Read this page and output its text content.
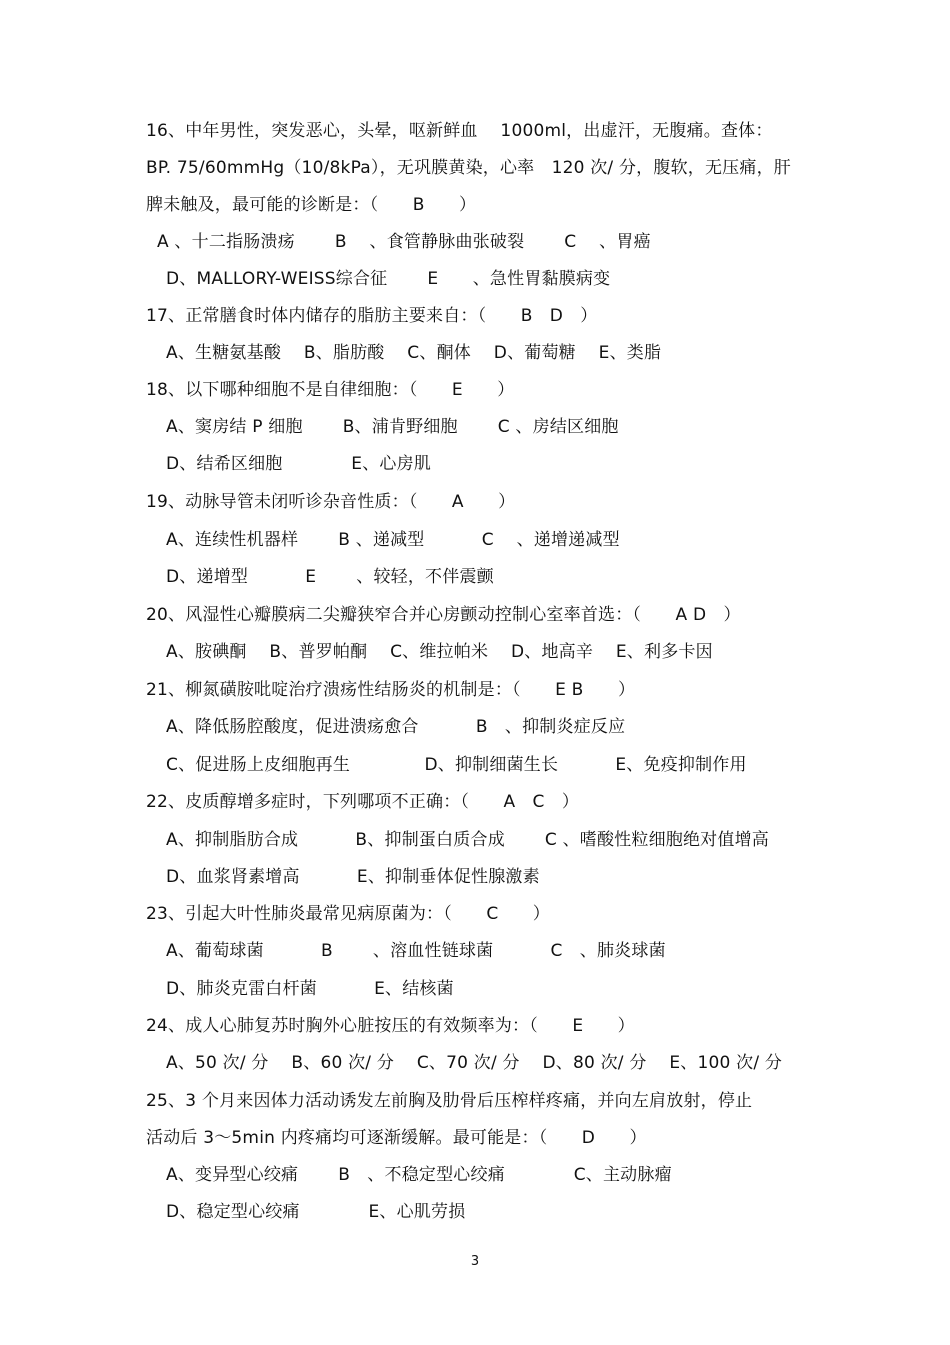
16、中年男性，突发恶心，头晕，呕新鲜血　 1000ml，出虚汗，无腹痛。查体：
BP. 75/60mmHg（10/8kPa），无巩膜黄染，心率　120 次/ 分，腹软，无压痛，肝
脾未触及，最可能的诊断是：（　　B　　）
A 、十二指肠溃疡　　 B　 、食管静脉曲张破裂　　 C　 、胃癌
D、MALLORY-WEISS综合征　　 E　　、急性胃黏膜病变
17、正常膳食时体内储存的脂肪主要来自：（　　B　D　）
A、生糖氨基酸　 B、脂肪酸　 C、酮体　 D、葡萄糖　 E、类脂
18、以下哪种细胞不是自律细胞：（　　E　　）
A、窦房结 P 细胞　　 B、浦肯野细胞　　 C 、房结区细胞
D、结希区细胞　　　　E、心房肌
19、动脉导管未闭听诊杂音性质：（　　A　　）
A、连续性机器样　　 B 、递减型　　　 C　 、递增递减型
D、递增型　　　 E　　 、较轻，不伴震颤
20、风湿性心瓣膜病二尖瓣狭窄合并心房颤动控制心室率首选：（　　A D　）
A、胺碘酮　 B、普罗帕酮　 C、维拉帕米　 D、地高辛　 E、利多卡因
21、柳氮磺胺吡啶治疗溃疡性结肠炎的机制是：（　　E B　　）
A、降低肠腔酸度，促进溃疡愈合　　　 B　、抑制炎症反应
C、促进肠上皮细胞再生　　　　 D、抑制细菌生长　　　 E、免疫抑制作用
22、皮质醇增多症时，下列哪项不正确：（　　A　C　）
A、抑制脂肪合成　　　 B、抑制蛋白质合成　　 C 、嗜酸性粒细胞绝对值增高
D、血浆肾素增高　　　 E、抑制垂体促性腺激素
23、引起大叶性肺炎最常见病原菌为：（　　C　　）
A、葡萄球菌　　　 B　　 、溶血性链球菌　　　 C　、肺炎球菌
D、肺炎克雷白杆菌　　　 E、结核菌
24、成人心肺复苏时胸外心脏按压的有效频率为：（　　E　　）
A、50 次/ 分　 B、60 次/ 分　 C、70 次/ 分　 D、80 次/ 分　 E、100 次/ 分
25、3 个月来因体力活动诱发左前胸及肋骨后压榨样疼痛，并向左肩放射，停止
活动后 3～5min 内疼痛均可逐渐缓解。最可能是：（　　D　　）
A、变异型心绞痛　　 B　、不稳定型心绞痛　　　　C、主动脉瘤
D、稳定型心绞痛　　　　E、心肌劳损
3
